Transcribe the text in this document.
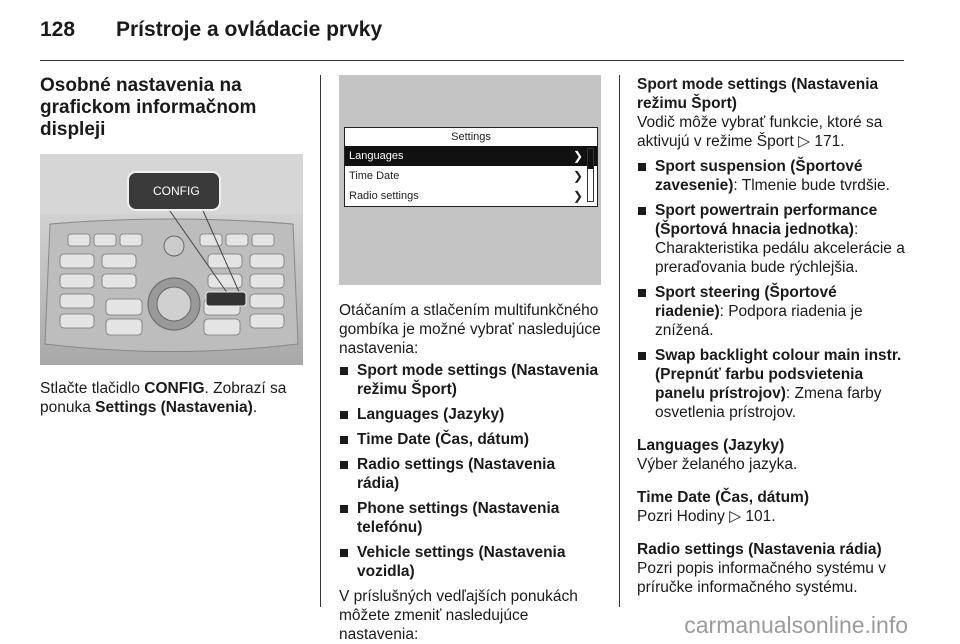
128 Prístroje a ovládacie prvky

Osobné nastavenia na grafickom informačnom displeji

CONFIG

Stlačte tlačidlo CONFIG. Zobrazí sa ponuka Settings (Nastavenia).

Settings
Languages	❯
Time Date	❯
Radio settings	❯

Otáčaním a stlačením multifunkčného gombíka je možné vybrať nasledujúce nastavenia:

Sport mode settings (Nastavenia režimu Šport)

Languages (Jazyky)

Time Date (Čas, dátum)

Radio settings (Nastavenia rádia)

Phone settings (Nastavenia telefónu)

Vehicle settings (Nastavenia vozidla)

V príslušných vedľajších ponukách môžete zmeniť nasledujúce nastavenia:

Sport mode settings (Nastavenia režimu Šport)

Vodič môže vybrať funkcie, ktoré sa aktivujú v režime Šport ▷ 171.

Sport suspension (Športové zavesenie): Tlmenie bude tvrdšie.

Sport powertrain performance (Športová hnacia jednotka): Charakteristika pedálu akcelerácie a preraďovania bude rýchlejšia.

Sport steering (Športové riadenie): Podpora riadenia je znížená.

Swap backlight colour main instr. (Prepnúť farbu podsvietenia panelu prístrojov): Zmena farby osvetlenia prístrojov.

Languages (Jazyky)

Výber želaného jazyka.

Time Date (Čas, dátum)

Pozri Hodiny ▷ 101.

Radio settings (Nastavenia rádia)

Pozri popis informačného systému v príručke informačného systému.

carmanualsonline.info
